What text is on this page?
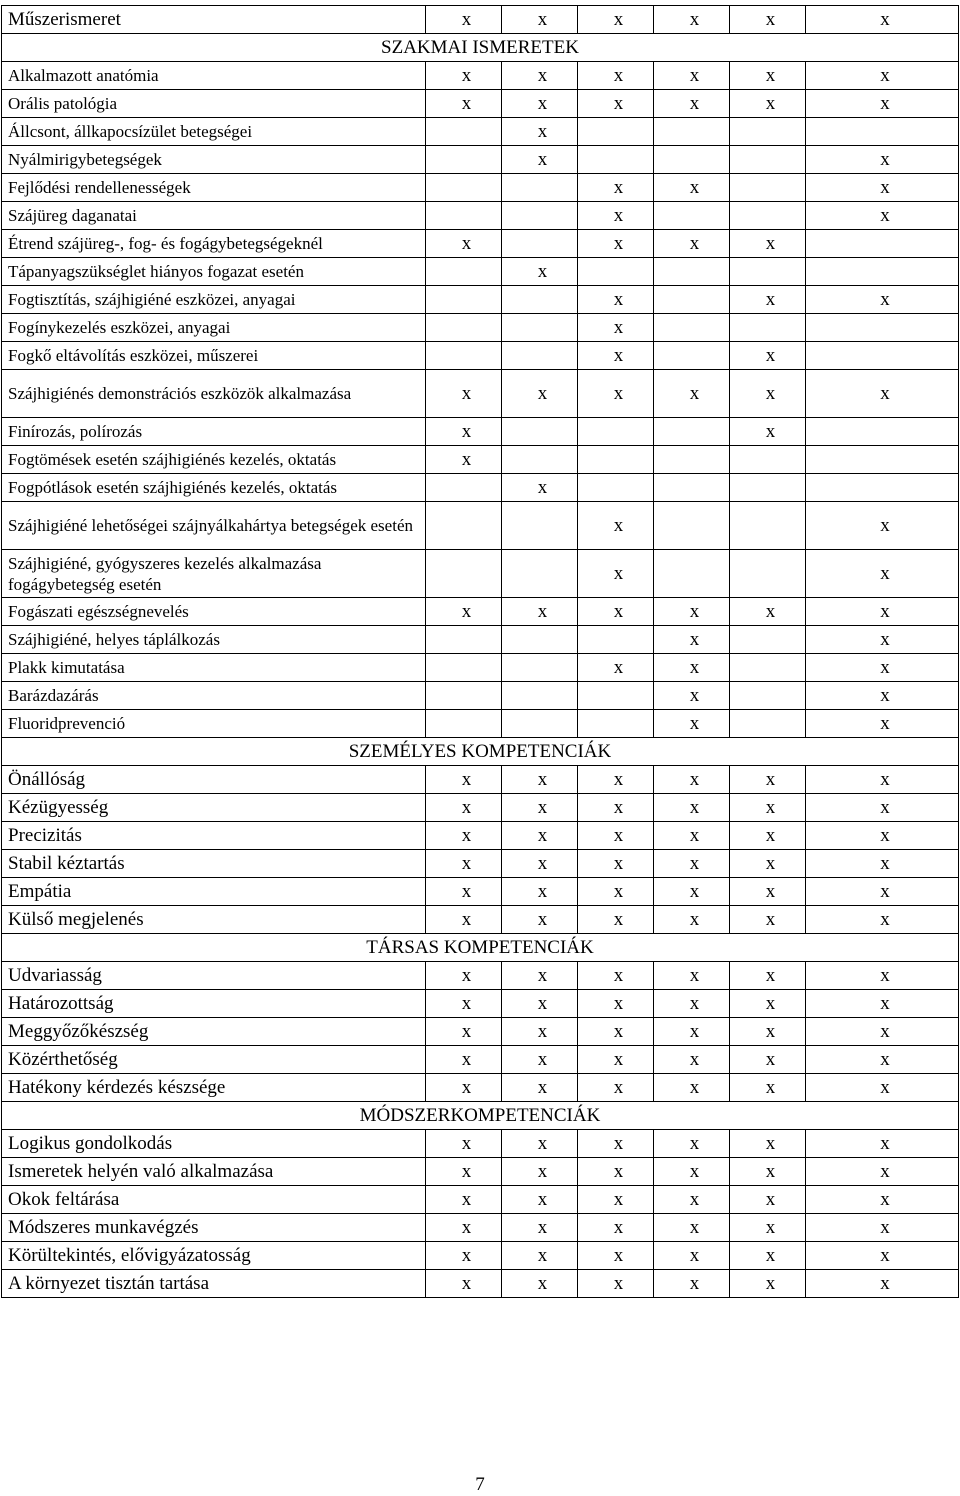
Műszerismeret	x	x	x	x	x	x
SZAKMAI ISMERETEK						
Alkalmazott anatómia	x	x	x	x	x	x
Orális patológia	x	x	x	x	x	x
Állcsont, állkapocsízület betegségei		x				
Nyálmirigybetegségek		x				x
Fejlődési rendellenességek			x	x		x
Szájüreg daganatai			x			x
Étrend szájüreg-, fog- és fogágybetegségeknél	x		x	x	x	
Tápanyagszükséglet hiányos fogazat esetén		x				
Fogtisztítás, szájhigiéné eszközei, anyagai			x		x	x
Fogínykezelés eszközei, anyagai			x			
Fogkő eltávolítás eszközei, műszerei			x		x	
Szájhigiénés demonstrációs eszközök alkalmazása	x	x	x	x	x	x
Finírozás, polírozás	x				x	
Fogtömések esetén szájhigiénés kezelés, oktatás	x					
Fogpótlások esetén szájhigiénés kezelés, oktatás		x				
Szájhigiéné lehetőségei szájnyálkahártya betegségek esetén			x			x
Szájhigiéné, gyógyszeres kezelés alkalmazása fogágybetegség esetén			x			x
Fogászati egészségnevelés	x	x	x	x	x	x
Szájhigiéné, helyes táplálkozás				x		x
Plakk kimutatása			x	x		x
Barázdazárás				x		x
Fluoridprevenció				x		x
SZEMÉLYES KOMPETENCIÁK						
Önállóság	x	x	x	x	x	x
Kézügyesség	x	x	x	x	x	x
Precizitás	x	x	x	x	x	x
Stabil kéztartás	x	x	x	x	x	x
Empátia	x	x	x	x	x	x
Külső megjelenés	x	x	x	x	x	x
TÁRSAS KOMPETENCIÁK						
Udvariasság	x	x	x	x	x	x
Határozottság	x	x	x	x	x	x
Meggyőzőkészség	x	x	x	x	x	x
Közérthetőség	x	x	x	x	x	x
Hatékony kérdezés készsége	x	x	x	x	x	x
MÓDSZERKOMPETENCIÁK						
Logikus gondolkodás	x	x	x	x	x	x
Ismeretek helyén való alkalmazása	x	x	x	x	x	x
Okok feltárása	x	x	x	x	x	x
Módszeres munkavégzés	x	x	x	x	x	x
Körültekintés, elővigyázatosság	x	x	x	x	x	x
A környezet tisztán tartása	x	x	x	x	x	x
7
